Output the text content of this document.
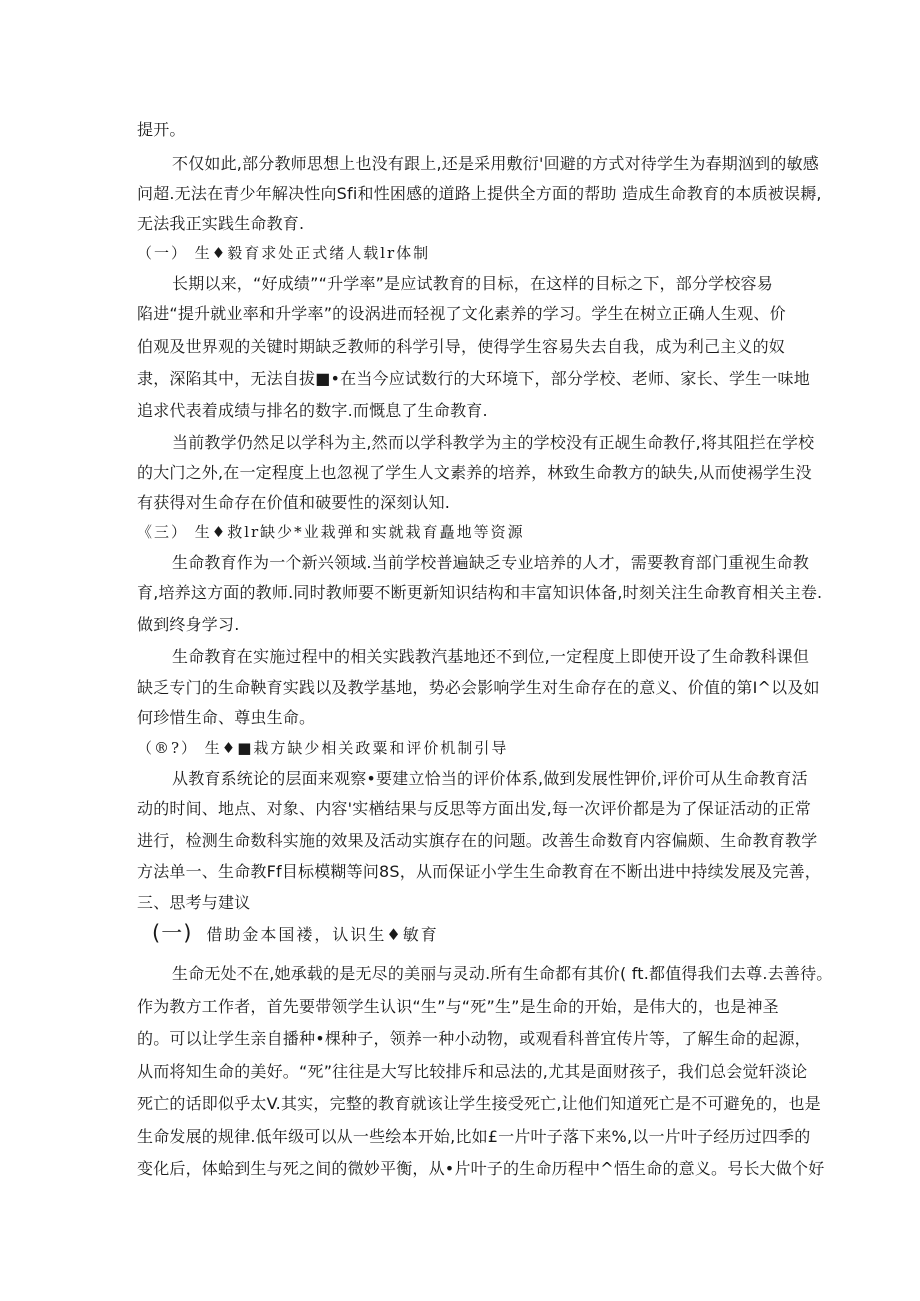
提开。
不仅如此,部分教师思想上也没有跟上,还是采用敷衍'回避的方式对待学生为春期汹到的敏感
问超.无法在青少年解决性向Sfi和性困感的道路上提供全方面的帮助 造成生命教育的本质被误耨,
无法我正实践生命教育.
（一） 生♦毅育求处正式绪人载lr体制
长期以来，“好成绩”“升学率”是应试教育的目标，在这样的目标之下，部分学校容易
陷进“提升就业率和升学率”的设涡进而轻视了文化素养的学习。学生在树立正确人生观、价
伯观及世界观的关键时期缺乏教师的科学引导，使得学生容易失去自我，成为利己主义的奴
隶，深陷其中，无法自拔■•在当今应试数行的大环境下，部分学校、老师、家长、学生一味地
追求代表着成绩与排名的数字.而慨息了生命教育.
当前教学仍然足以学科为主,然而以学科教学为主的学校没有正觇生命教仔,将其阻拦在学校
的大门之外,在一定程度上也忽视了学生人文素养的培养，林致生命教方的缺失,从而使裼学生没
有获得对生命存在价值和破要性的深刻认知.
《三） 生♦救lr缺少*业栽弹和实就栽育矗地等资源
生命教育作为一个新兴领域.当前学校普遍缺乏专业培养的人才，需要教育部门重视生命教
育,培养这方面的教师.同时教师要不断更新知识结构和丰富知识体备,时刻关注生命教育相关主卷.
做到终身学习.
生命教育在实施过程中的相关实践教汽基地还不到位,一定程度上即使开设了生命教科课但
缺乏专门的生命鞅育实践以及教学基地，势必会影响学生对生命存在的意义、价值的第I^以及如
何珍惜生命、尊虫生命。
（®?） 生♦■栽方缺少相关政粟和评价机制引导
从教育系统论的层面来观察•要建立恰当的评价体系,做到发展性钾价,评价可从生命教育活
动的时间、地点、对象、内容'实楢结果与反思等方面出发,每一次评价都是为了保证活动的正常
进行，检测生命数科实施的效果及活动实旗存在的问题。改善生命数育内容偏颇、生命教育教学
方法单一、生命教Ff目标模糊等问8S，从而保证小学生生命教育在不断出进中持续发展及完善，
三、思考与建议
(一) 借助金本国褛，认识生♦敏育
生命无处不在,她承载的是无尽的美丽与灵动.所有生命都有其价( ft.都值得我们去尊.去善待。
作为教方工作者，首先要带领学生认识“生”与“死”生”是生命的开始，是伟大的，也是神圣
的。可以让学生亲自播种•棵种子，领养一种小动物，或观看科普宜传片等，了解生命的起源，
从而将知生命的美好。“死”往往是大写比较排斥和忌法的,尤其是面财孩子，我们总会觉轩淡论
死亡的话即似乎太V.其实，完整的教育就该让学生接受死亡,让他们知道死亡是不可避免的，也是
生命发展的规律.低年级可以从一些绘本开始,比如£一片叶子落下来%,以一片叶子经历过四季的
变化后，体蛤到生与死之间的微妙平衡，从•片叶子的生命历程中^悟生命的意义。号长大做个好
